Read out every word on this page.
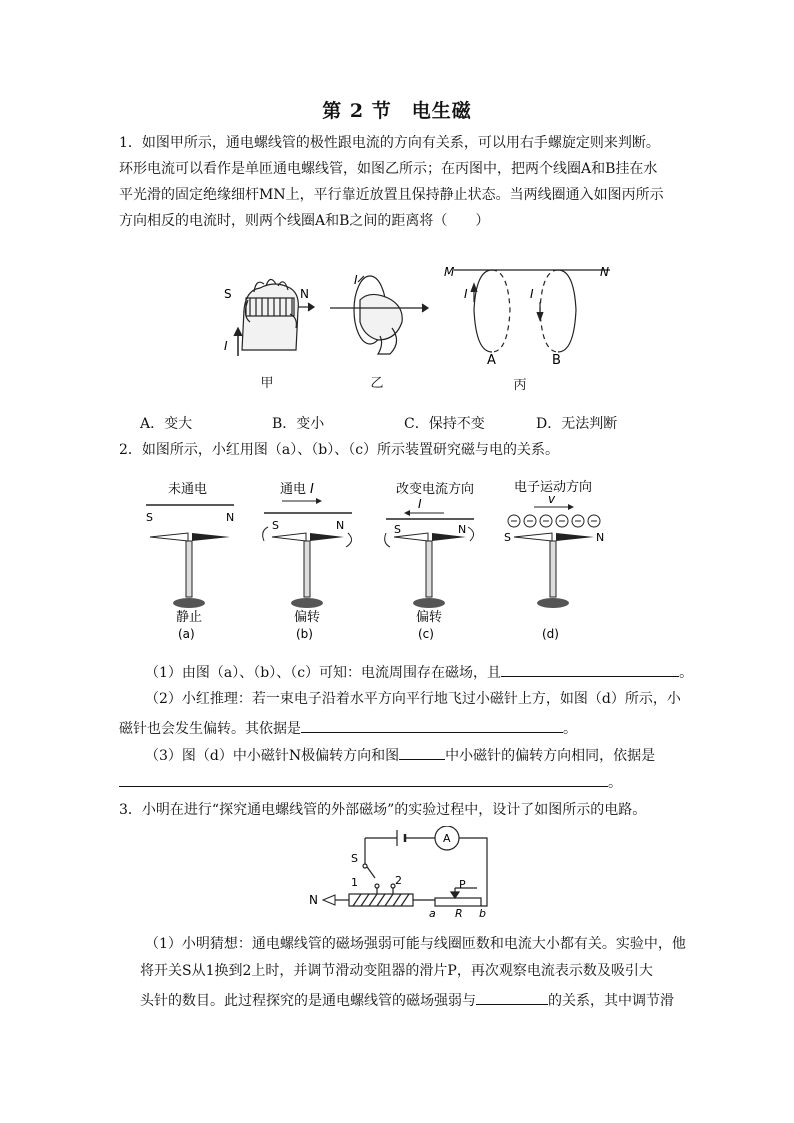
第 2 节　电生磁
1．如图甲所示，通电螺线管的极性跟电流的方向有关系，可以用右手螺旋定则来判断。环形电流可以看作是单匝通电螺线管，如图乙所示；在丙图中，把两个线圈A和B挂在水平光滑的固定绝缘细杆MN上，平行靠近放置且保持静止状态。当两线圈通入如图丙所示方向相反的电流时，则两个线圈A和B之间的距离将（　　）
S	N
I
甲
I
乙
M	N
I	I
A	B
丙
A．变大	B．变小	C．保持不变	D．无法判断
2．如图所示，小红用图（a）、（b）、（c）所示装置研究磁与电的关系。
未通电
S	N
静止
(a)
通电 I
S	N
偏转
(b)
改变电流方向
I
S	N
偏转
(c)
电子运动方向
v
S	N
(d)
（1）由图（a）、（b）、（c）可知：电流周围存在磁场，且	。
（2）小红推理：若一束电子沿着水平方向平行地飞过小磁针上方，如图（d）所示，小
磁针也会发生偏转。其依据是	。
（3）图（d）中小磁针N极偏转方向和图	中小磁针的偏转方向相同，依据是
。
3．小明在进行“探究通电螺线管的外部磁场”的实验过程中，设计了如图所示的电路。
A
S
1	2	P
N
a R b
（1）小明猜想：通电螺线管的磁场强弱可能与线圈匝数和电流大小都有关。实验中，他
将开关S从1换到2上时，并调节滑动变阻器的滑片P，再次观察电流表示数及吸引大
头针的数目。此过程探究的是通电螺线管的磁场强弱与	的关系，其中调节滑
